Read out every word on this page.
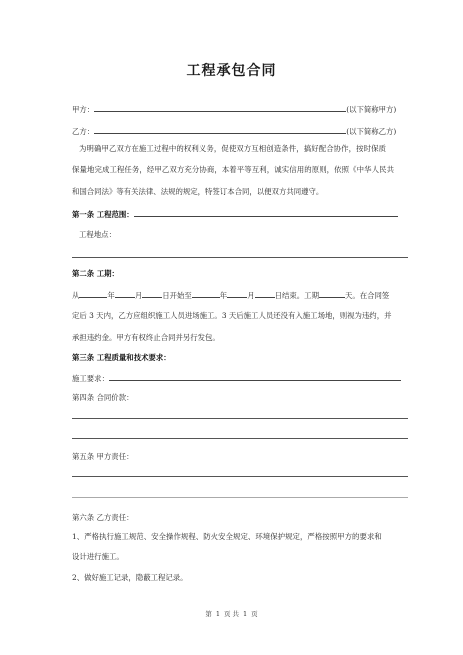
工程承包合同
甲方：	(以下简称甲方)
乙方：	(以下简称乙方)
为明确甲乙双方在施工过程中的权利义务，促使双方互相创造条件，搞好配合协作，按时保质
保量地完成工程任务，经甲乙双方充分协商，本着平等互利，诚实信用的原则，依照《中华人民共
和国合同法》等有关法律、法规的规定，特签订本合同，以便双方共同遵守。
第一条 工程范围：
工程地点：
第二条 工期：
从	年	月	日开始至	年	月	日结束。工期	天。在合同签
定后 3 天内，乙方应组织施工人员进场施工。3 天后施工人员还没有入施工场地，则视为违约，并
承担违约金。甲方有权终止合同并另行发包。
第三条 工程质量和技术要求：
施工要求：
第四条 合同价款：
第五条 甲方责任：
第六条 乙方责任：
1、严格执行施工规范、安全操作规程、防火安全规定、环境保护规定，严格按照甲方的要求和
设计进行施工。
2、做好施工记录，隐蔽工程记录。
第 1 页 共 1 页
